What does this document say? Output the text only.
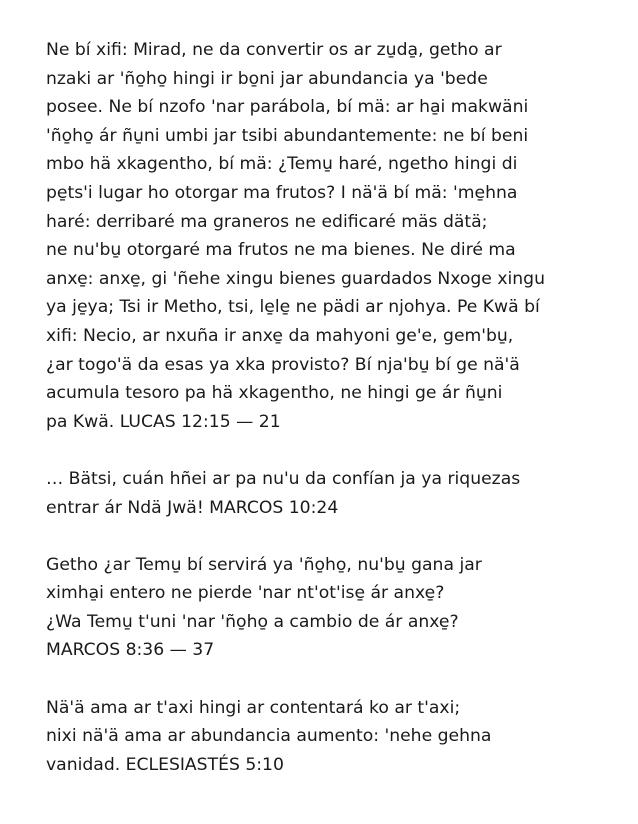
Ne bí xifi: Mirad, ne da convertir os ar zu̱da̱, getho ar
nzaki ar 'ño̱ho̱ hingi ir bo̱ni jar abundancia ya 'bede
posee. Ne bí nzofo 'nar parábola, bí mä: ar ha̱i makwäni
'ño̱ho̱ ár ñu̱ni umbi jar tsibi abundantemente: ne bí beni
mbo hä xkagentho, bí mä: ¿Temu̱ haré, ngetho hingi di
pe̱ts'i lugar ho otorgar ma frutos? I nä'ä bí mä: 'me̱hna
haré: derribaré ma graneros ne edificaré mäs dätä;
ne nu'bu̱ otorgaré ma frutos ne ma bienes. Ne diré ma
anxe̱: anxe̱, gi 'ñehe xingu bienes guardados Nxoge xingu
ya je̱ya; Tsi ir Metho, tsi, le̱le̱ ne pädi ar njohya. Pe Kwä bí
xifi: Necio, ar nxuña ir anxe̱ da mahyoni ge'e, gem'bu̱,
¿ar togo'ä da esas ya xka provisto? Bí nja'bu̱ bí ge nä'ä
acumula tesoro pa hä xkagentho, ne hingi ge ár ñu̱ni
pa Kwä. LUCAS 12:15 — 21

… Bätsi, cuán hñei ar pa nu'u da confían ja ya riquezas
entrar ár Ndä Jwä! MARCOS 10:24

Getho ¿ar Temu̱ bí servirá ya 'ño̱ho̱, nu'bu̱ gana jar
ximha̱i entero ne pierde 'nar nt'ot'ise̱ ár anxe̱?
¿Wa Temu̱ t'uni 'nar 'ño̱ho̱ a cambio de ár anxe̱?
MARCOS 8:36 — 37

Nä'ä ama ar t'axi hingi ar contentará ko ar t'axi;
nixi nä'ä ama ar abundancia aumento: 'nehe gehna
vanidad. ECLESIASTÉS 5:10
